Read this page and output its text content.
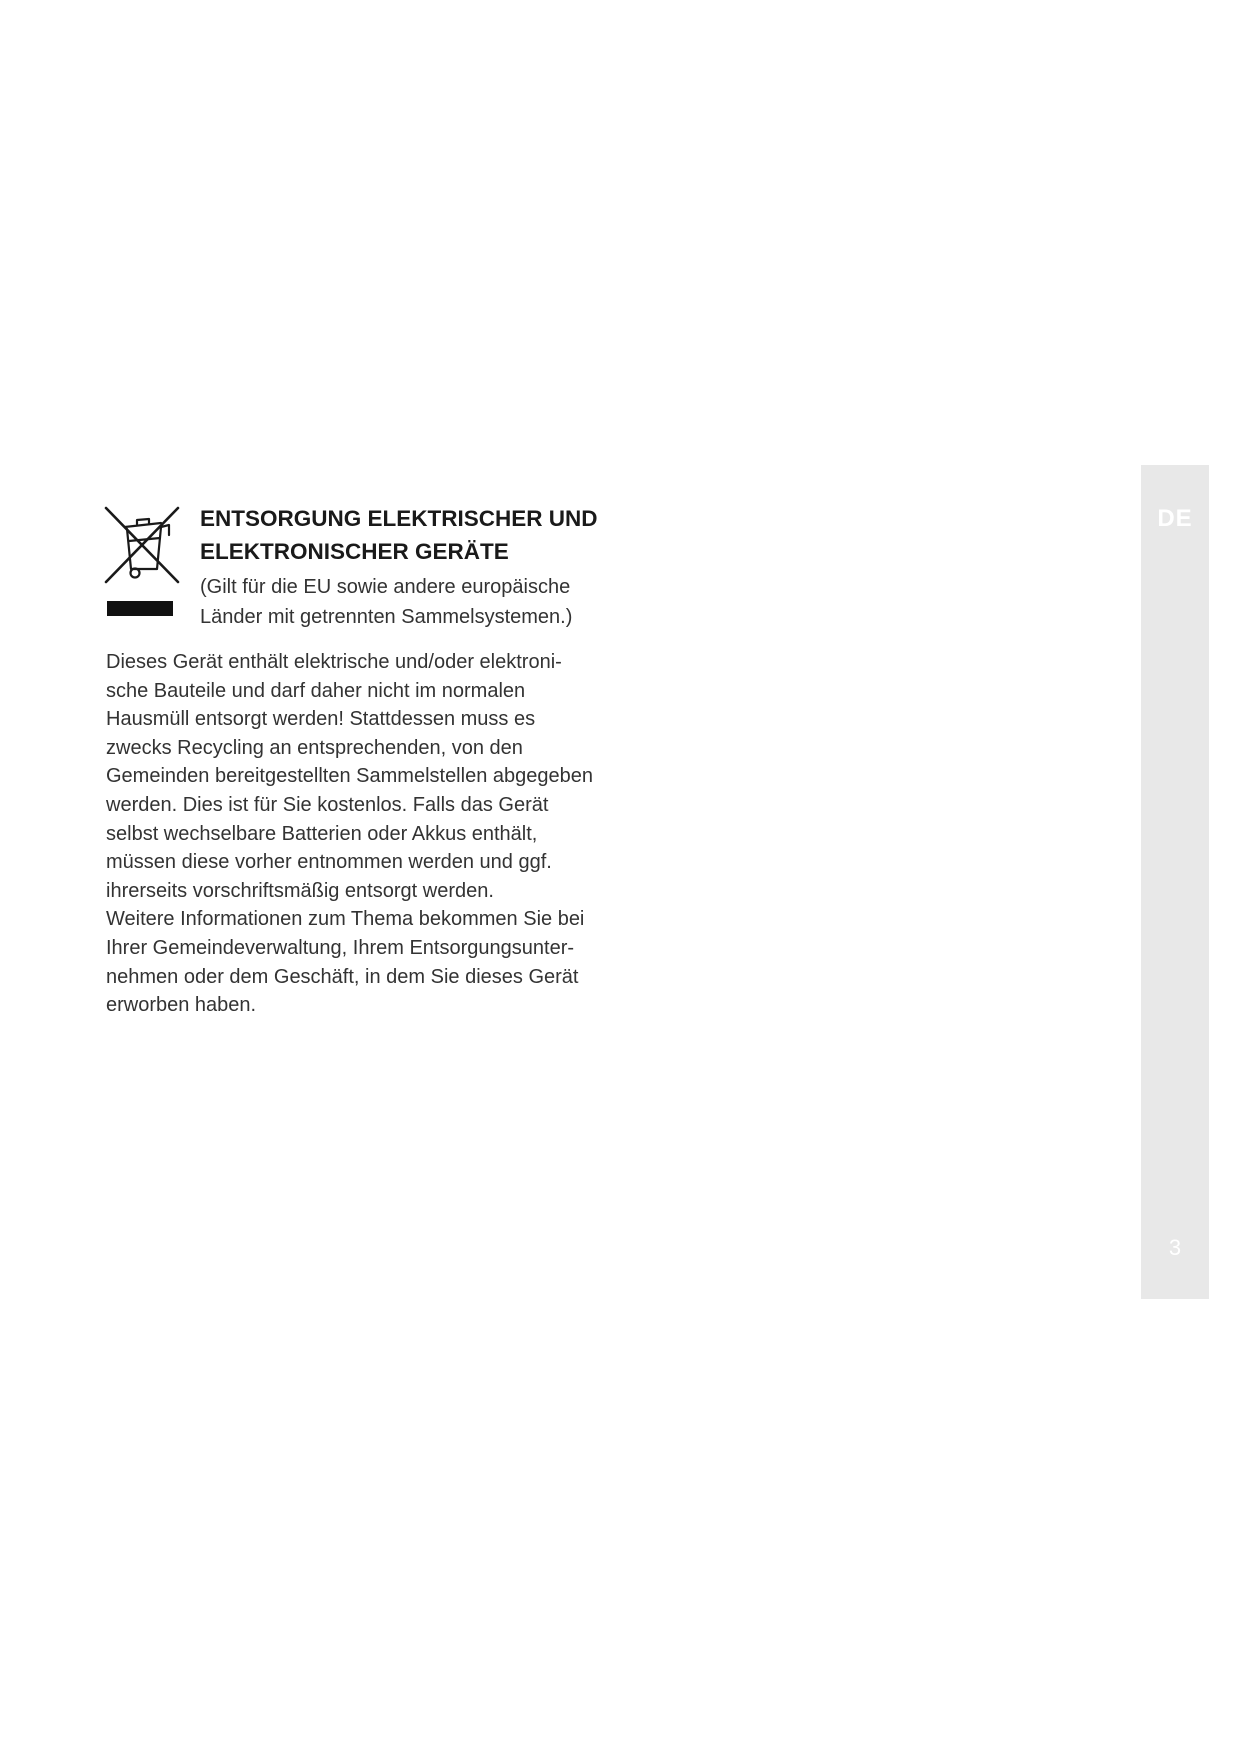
ENTSORGUNG ELEKTRISCHER UND
ELEKTRONISCHER GERÄTE

(Gilt für die EU sowie andere europäische
Länder mit getrennten Sammelsystemen.)

Dieses Gerät enthält elektrische und/oder elektroni-
sche Bauteile und darf daher nicht im normalen
Hausmüll entsorgt werden! Stattdessen muss es
zwecks Recycling an entsprechenden, von den
Gemeinden bereitgestellten Sammelstellen abgegeben
werden. Dies ist für Sie kostenlos. Falls das Gerät
selbst wechselbare Batterien oder Akkus enthält,
müssen diese vorher entnommen werden und ggf.
ihrerseits vorschriftsmäßig entsorgt werden.
Weitere Informationen zum Thema bekommen Sie bei
Ihrer Gemeindeverwaltung, Ihrem Entsorgungsunter-
nehmen oder dem Geschäft, in dem Sie dieses Gerät
erworben haben.

DE
3
